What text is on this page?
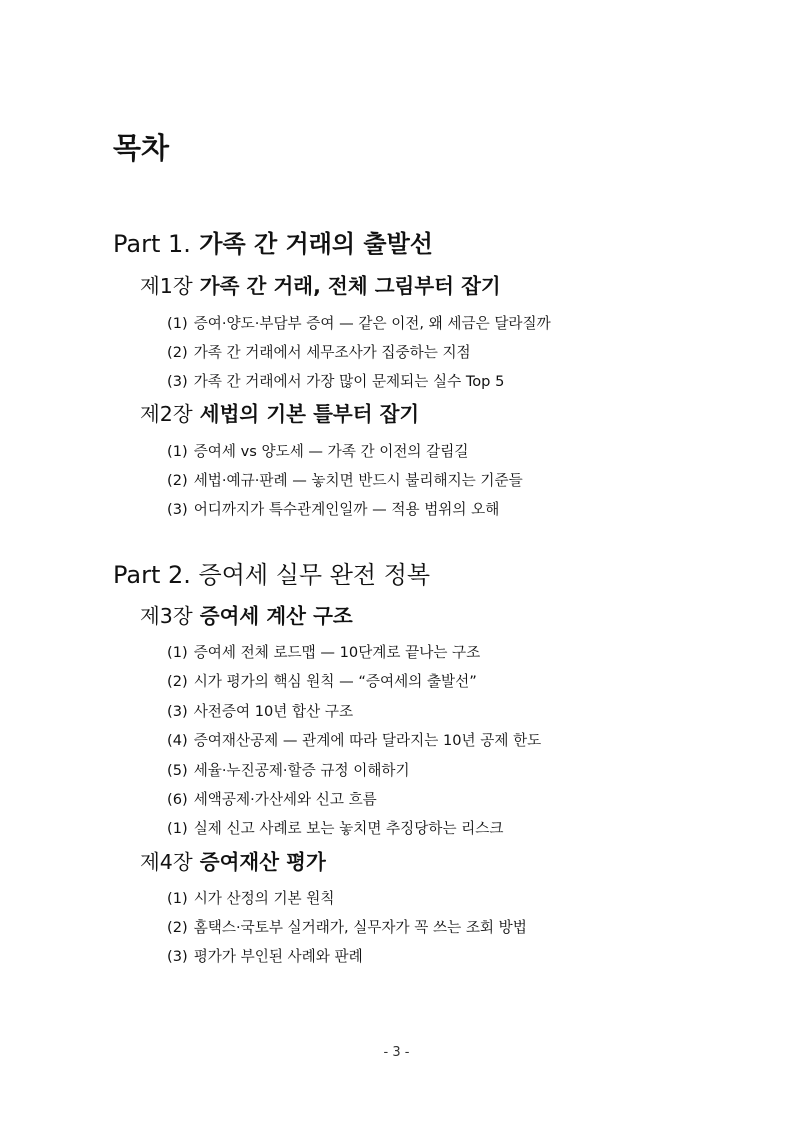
목차
Part 1. 가족 간 거래의 출발선
제1장 가족 간 거래, 전체 그림부터 잡기
(1) 증여·양도·부담부 증여 — 같은 이전, 왜 세금은 달라질까
(2) 가족 간 거래에서 세무조사가 집중하는 지점
(3) 가족 간 거래에서 가장 많이 문제되는 실수 Top 5
제2장 세법의 기본 틀부터 잡기
(1) 증여세 vs 양도세 — 가족 간 이전의 갈림길
(2) 세법·예규·판례 — 놓치면 반드시 불리해지는 기준들
(3) 어디까지가 특수관계인일까 — 적용 범위의 오해
Part 2. 증여세 실무 완전 정복
제3장 증여세 계산 구조
(1) 증여세 전체 로드맵 — 10단계로 끝나는 구조
(2) 시가 평가의 핵심 원칙 — “증여세의 출발선”
(3) 사전증여 10년 합산 구조
(4) 증여재산공제 — 관계에 따라 달라지는 10년 공제 한도
(5) 세율·누진공제·할증 규정 이해하기
(6) 세액공제·가산세와 신고 흐름
(1) 실제 신고 사례로 보는 놓치면 추징당하는 리스크
제4장 증여재산 평가
(1) 시가 산정의 기본 원칙
(2) 홈택스·국토부 실거래가, 실무자가 꼭 쓰는 조회 방법
(3) 평가가 부인된 사례와 판례
- 3 -
